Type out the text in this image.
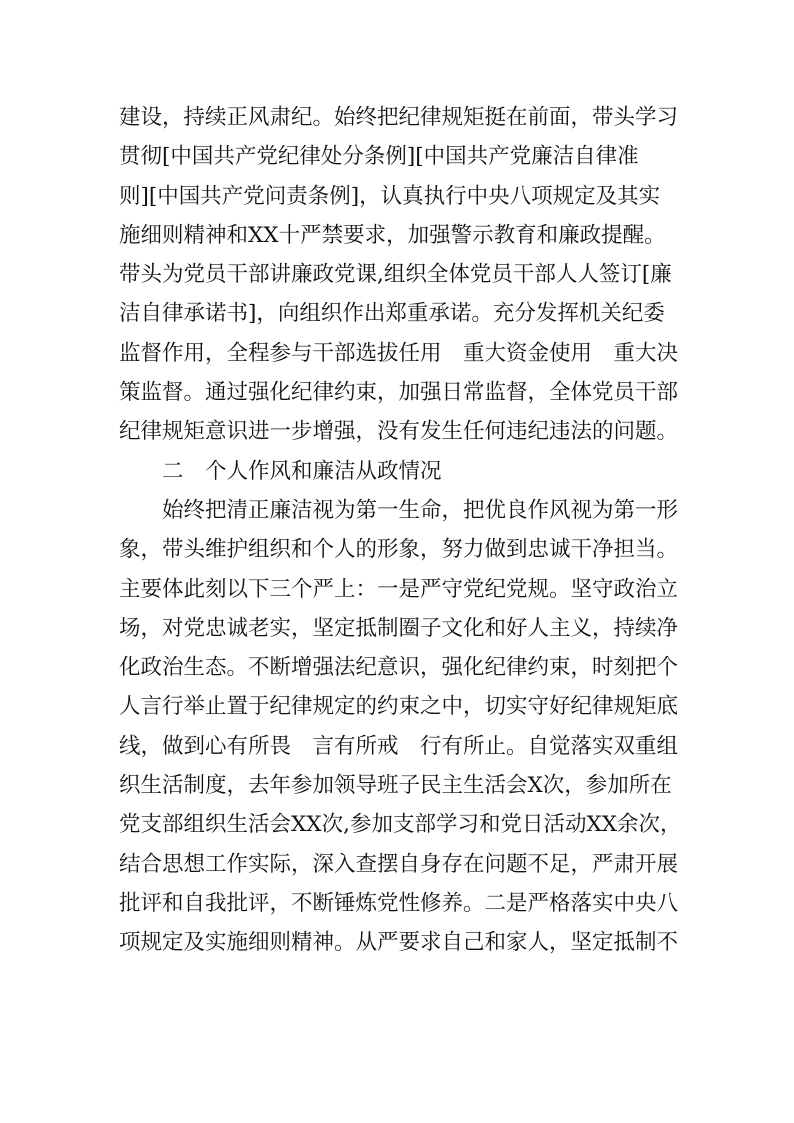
建设，持续正风肃纪。始终把纪律规矩挺在前面，带头学习
贯彻[中国共产党纪律处分条例][中国共产党廉洁自律准
则][中国共产党问责条例]，认真执行中央八项规定及其实
施细则精神和XX十严禁要求，加强警示教育和廉政提醒。
带头为党员干部讲廉政党课,组织全体党员干部人人签订[廉
洁自律承诺书]，向组织作出郑重承诺。充分发挥机关纪委
监督作用，全程参与干部选拔任用　重大资金使用　重大决
策监督。通过强化纪律约束，加强日常监督，全体党员干部
纪律规矩意识进一步增强，没有发生任何违纪违法的问题。
　　二　个人作风和廉洁从政情况
　　始终把清正廉洁视为第一生命，把优良作风视为第一形
象，带头维护组织和个人的形象，努力做到忠诚干净担当。
主要体此刻以下三个严上：一是严守党纪党规。坚守政治立
场，对党忠诚老实，坚定抵制圈子文化和好人主义，持续净
化政治生态。不断增强法纪意识，强化纪律约束，时刻把个
人言行举止置于纪律规定的约束之中，切实守好纪律规矩底
线，做到心有所畏　言有所戒　行有所止。自觉落实双重组
织生活制度，去年参加领导班子民主生活会X次，参加所在
党支部组织生活会XX次,参加支部学习和党日活动XX余次，
结合思想工作实际，深入查摆自身存在问题不足，严肃开展
批评和自我批评，不断锤炼党性修养。二是严格落实中央八
项规定及实施细则精神。从严要求自己和家人，坚定抵制不
